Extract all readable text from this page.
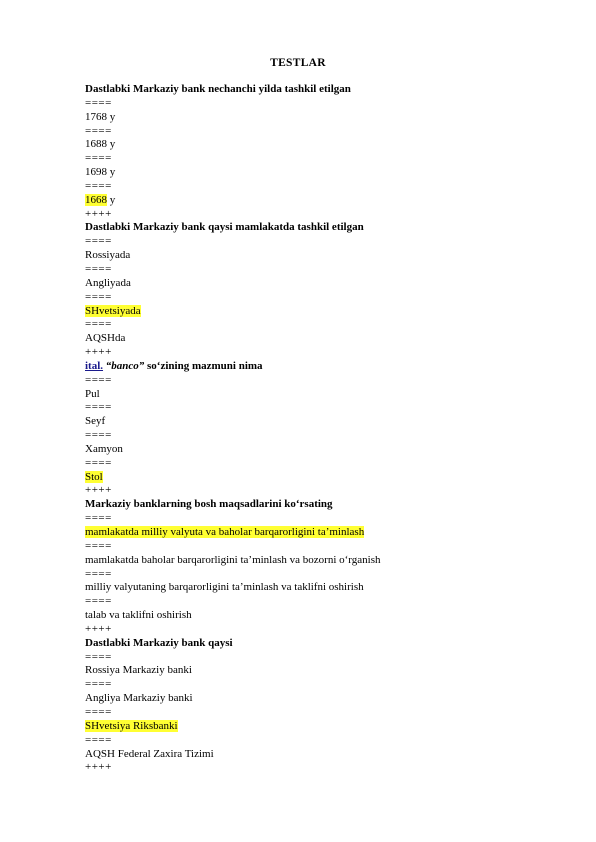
TESTLAR
Dastlabki Markaziy bank nechanchi yilda tashkil etilgan
====
1768 y
====
1688 y
====
1698 y
====
1668 y
++++
Dastlabki Markaziy bank qaysi mamlakatda tashkil etilgan
====
Rossiyada
====
Angliyada
====
SHvetsiyada
====
AQSHda
++++
ital. “banco” so‘zining mazmuni nima
====
Pul
====
Seyf
====
Xamyon
====
Stol
++++
Markaziy banklarning bosh maqsadlarini ko‘rsating
====
mamlakatda milliy valyuta va baholar barqarorligini ta’minlash
====
mamlakatda baholar barqarorligini ta’minlash va bozorni o‘rganish
====
milliy valyutaning barqarorligini ta’minlash va taklifni oshirish
====
talab va taklifni oshirish
++++
Dastlabki Markaziy bank qaysi
====
Rossiya Markaziy banki
====
Angliya Markaziy banki
====
SHvetsiya Riksbanki
====
AQSH Federal Zaxira Tizimi
++++
